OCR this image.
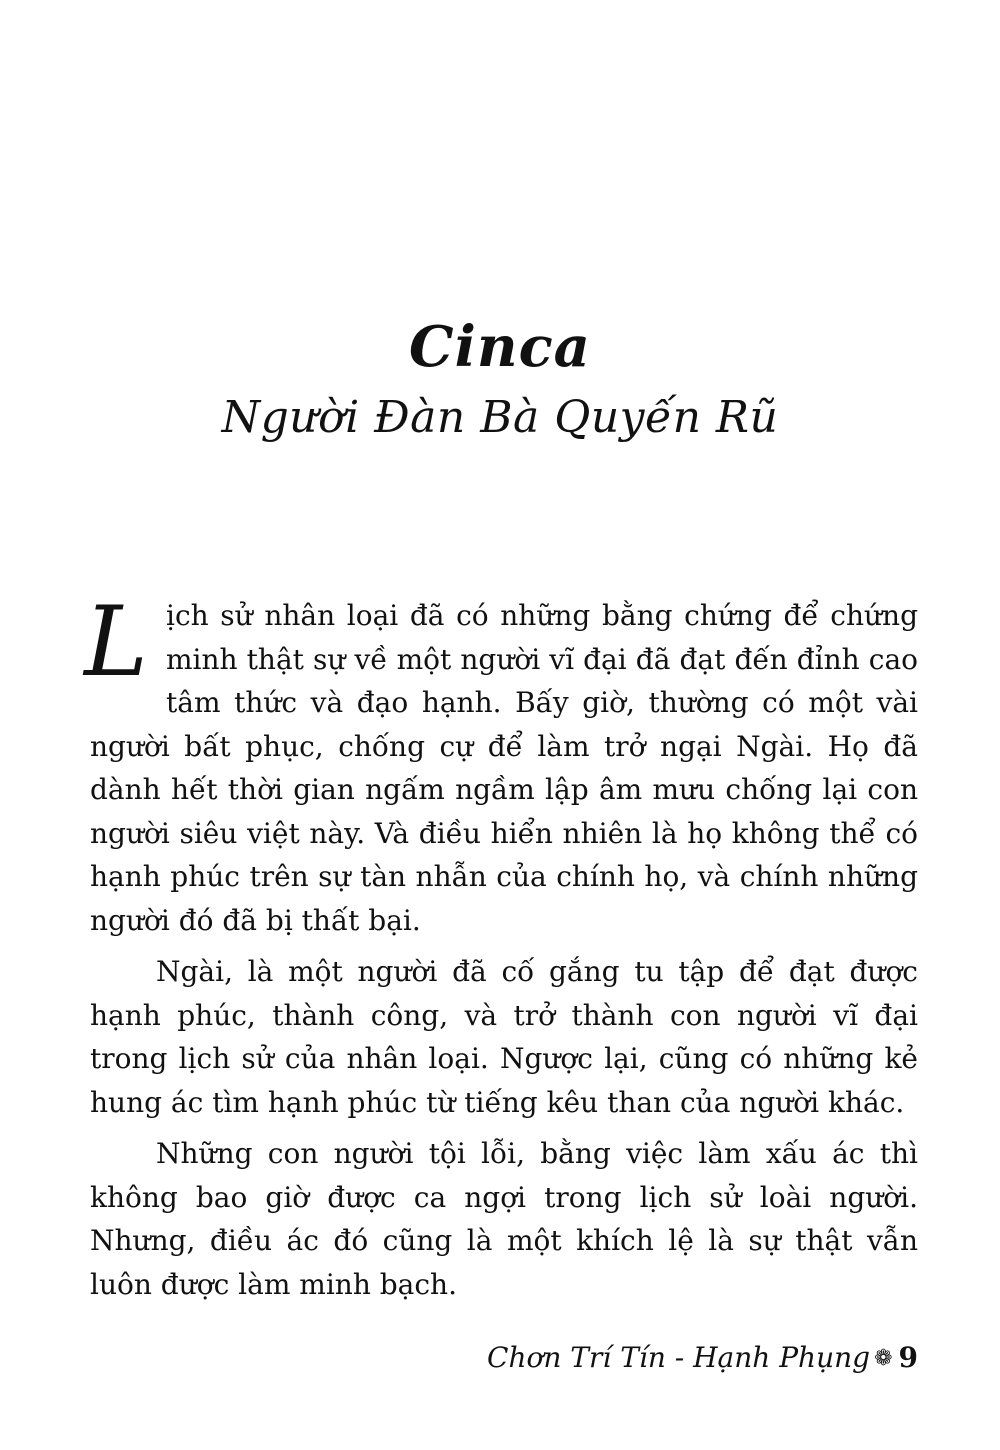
Cinca
Người Đàn Bà Quyến Rũ

Lịch sử nhân loại đã có những bằng chứng để chứng minh thật sự về một người vĩ đại đã đạt đến đỉnh cao tâm thức và đạo hạnh. Bấy giờ, thường có một vài người bất phục, chống cự để làm trở ngại Ngài. Họ đã dành hết thời gian ngấm ngầm lập âm mưu chống lại con người siêu việt này. Và điều hiển nhiên là họ không thể có hạnh phúc trên sự tàn nhẫn của chính họ, và chính những người đó đã bị thất bại.

Ngài, là một người đã cố gắng tu tập để đạt được hạnh phúc, thành công, và trở thành con người vĩ đại trong lịch sử của nhân loại. Ngược lại, cũng có những kẻ hung ác tìm hạnh phúc từ tiếng kêu than của người khác.

Những con người tội lỗi, bằng việc làm xấu ác thì không bao giờ được ca ngợi trong lịch sử loài người. Nhưng, điều ác đó cũng là một khích lệ là sự thật vẫn luôn được làm minh bạch.

Chơn Trí Tín - Hạnh Phụng ❁ 9
